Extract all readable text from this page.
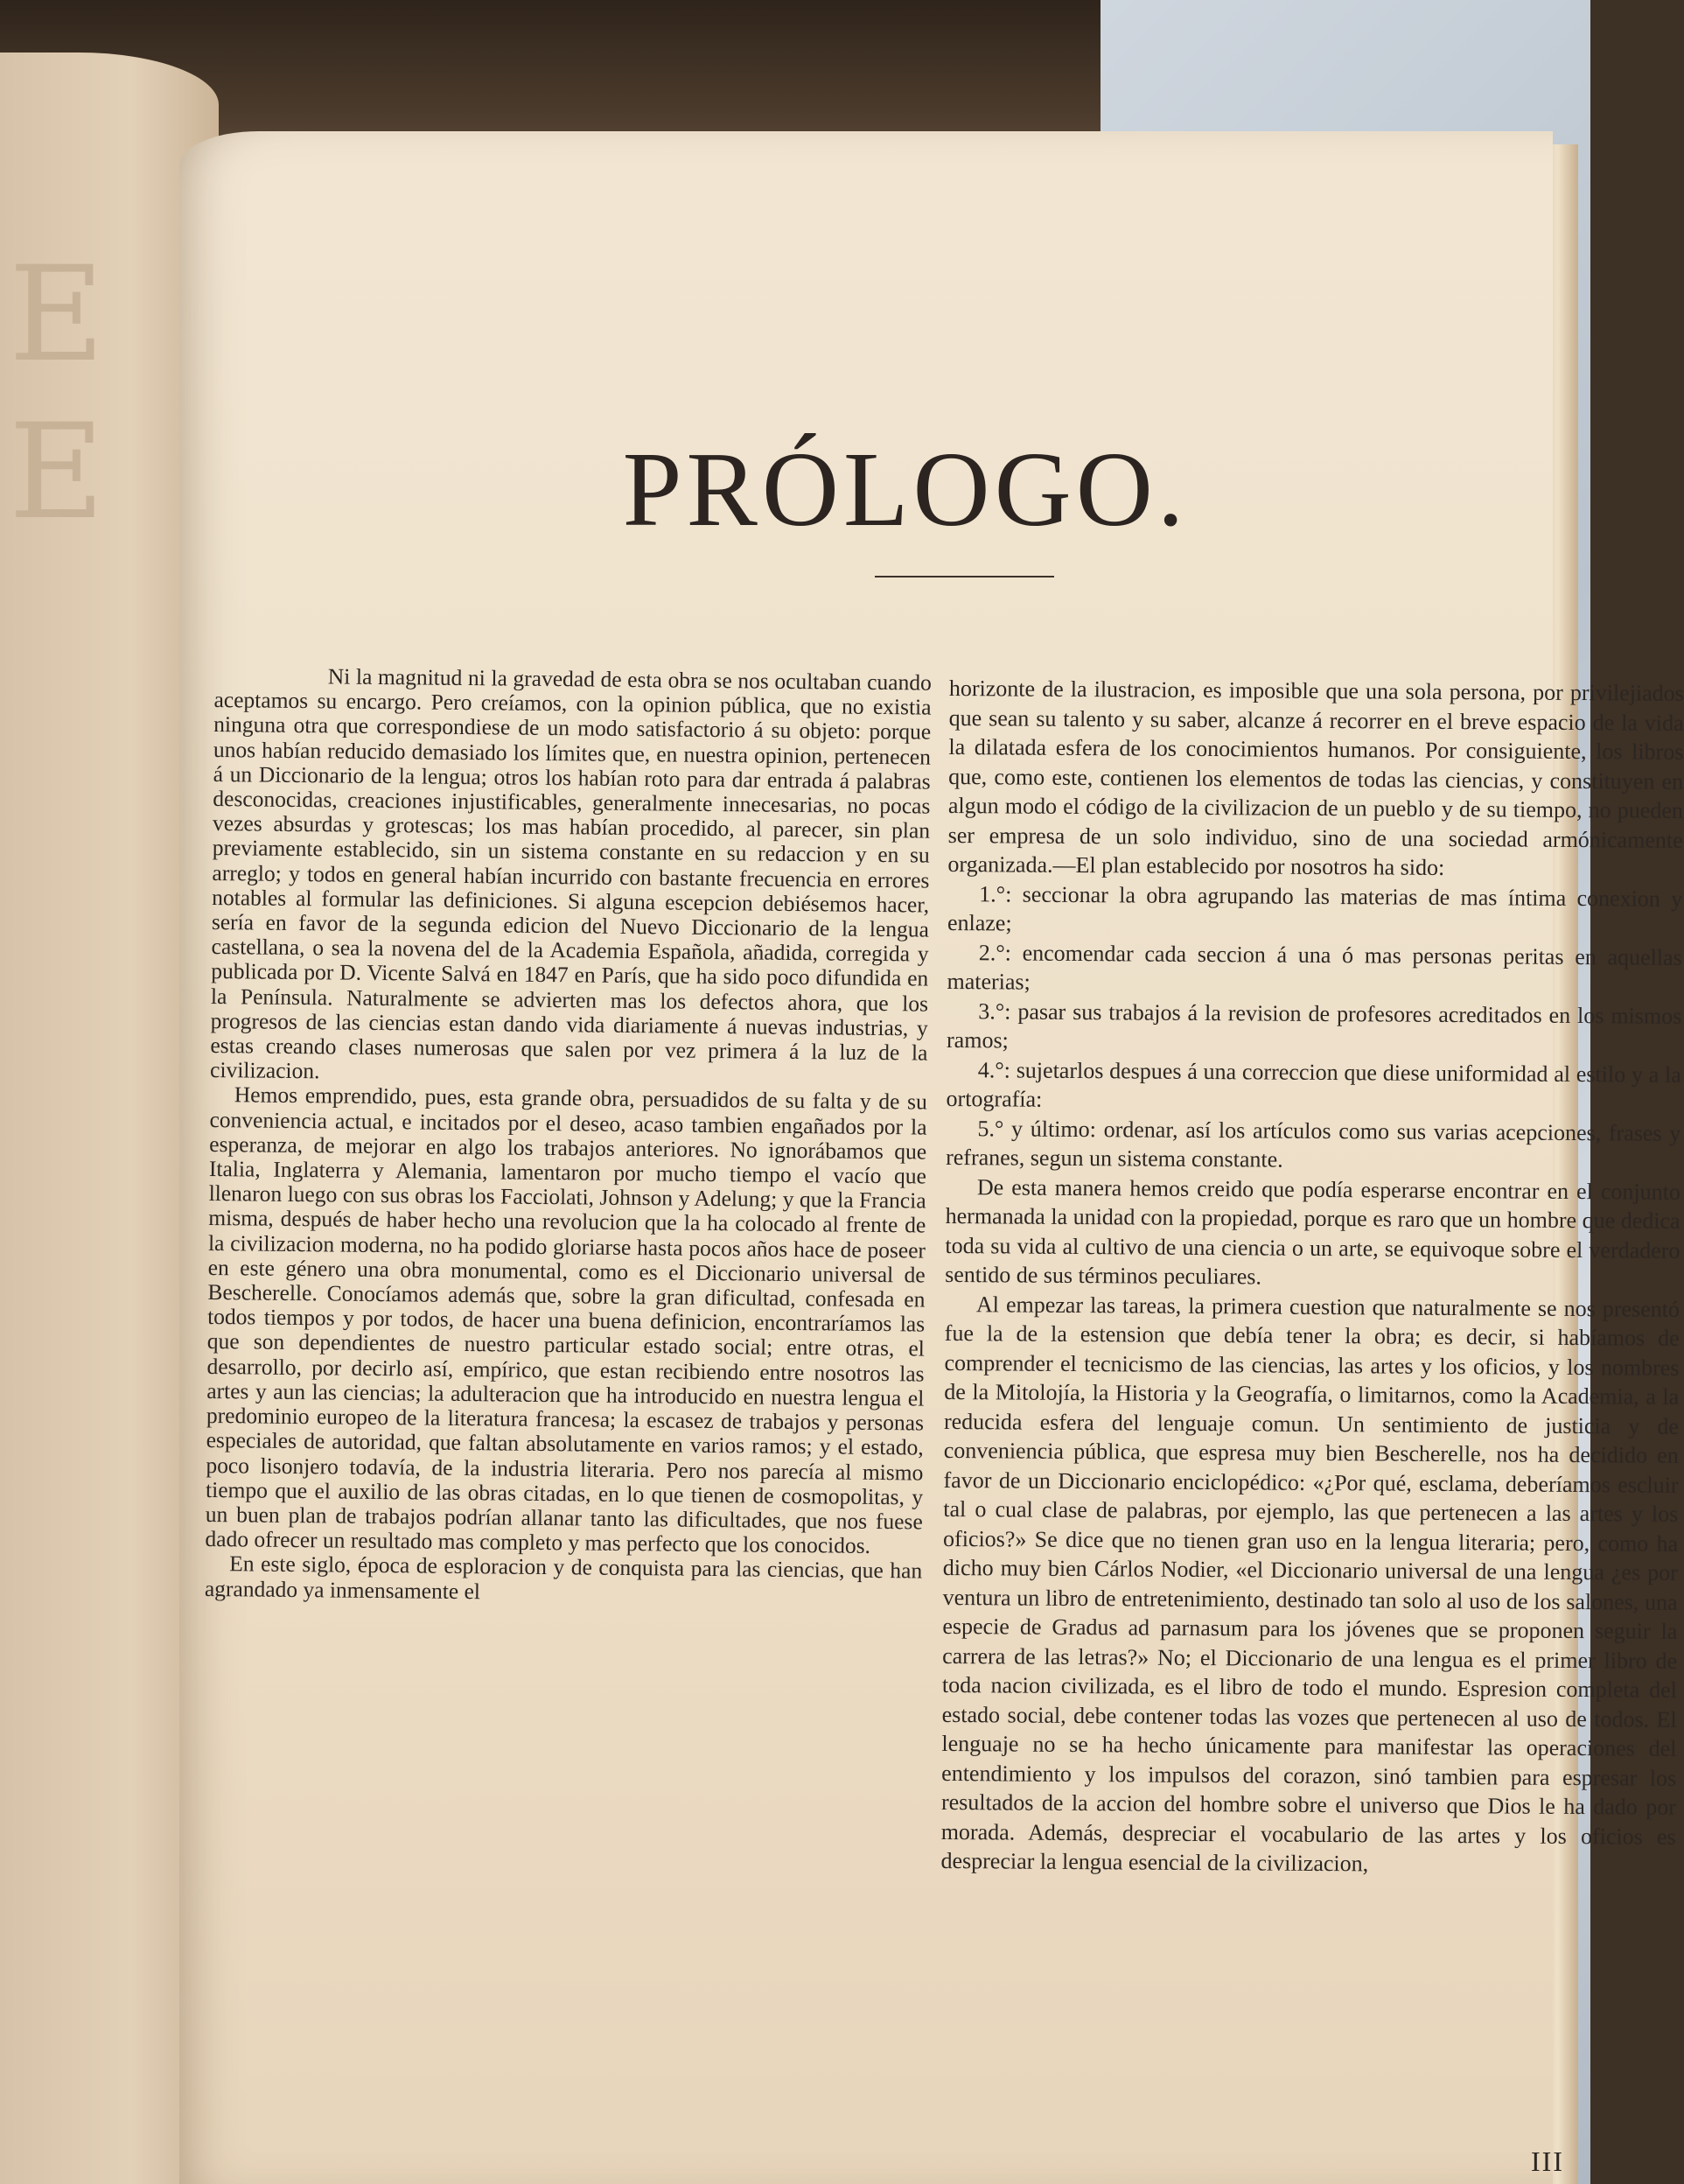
E E	PRÓLOGO.

Ni la magnitud ni la gravedad de esta obra se nos ocultaban cuando aceptamos su encargo. Pero creíamos, con la opinion pública, que no existia ninguna otra que correspondiese de un modo satisfactorio á su objeto: porque unos habían reducido demasiado los límites que, en nuestra opinion, pertenecen á un Diccionario de la lengua; otros los habían roto para dar entrada á palabras desconocidas, creaciones injustificables, generalmente innecesarias, no pocas vezes absurdas y grotescas; los mas habían procedido, al parecer, sin plan previamente establecido, sin un sistema constante en su redaccion y en su arreglo; y todos en general habían incurrido con bastante frecuencia en errores notables al formular las definiciones. Si alguna escepcion debiésemos hacer, sería en favor de la segunda edicion del Nuevo Diccionario de la lengua castellana, o sea la novena del de la Academia Española, añadida, corregida y publicada por D. Vicente Salvá en 1847 en París, que ha sido poco difundida en la Península. Naturalmente se advierten mas los defectos ahora, que los progresos de las ciencias estan dando vida diariamente á nuevas industrias, y estas creando clases numerosas que salen por vez primera á la luz de la civilizacion.

Hemos emprendido, pues, esta grande obra, persuadidos de su falta y de su conveniencia actual, e incitados por el deseo, acaso tambien engañados por la esperanza, de mejorar en algo los trabajos anteriores. No ignorábamos que Italia, Inglaterra y Alemania, lamentaron por mucho tiempo el vacío que llenaron luego con sus obras los Facciolati, Johnson y Adelung; y que la Francia misma, después de haber hecho una revolucion que la ha colocado al frente de la civilizacion moderna, no ha podido gloriarse hasta pocos años hace de poseer en este género una obra monumental, como es el Diccionario universal de Bescherelle. Conocíamos además que, sobre la gran dificultad, confesada en todos tiempos y por todos, de hacer una buena definicion, encontraríamos las que son dependientes de nuestro particular estado social; entre otras, el desarrollo, por decirlo así, empírico, que estan recibiendo entre nosotros las artes y aun las ciencias; la adulteracion que ha introducido en nuestra lengua el predominio europeo de la literatura francesa; la escasez de trabajos y personas especiales de autoridad, que faltan absolutamente en varios ramos; y el estado, poco lisonjero todavía, de la industria literaria. Pero nos parecía al mismo tiempo que el auxilio de las obras citadas, en lo que tienen de cosmopolitas, y un buen plan de trabajos podrían allanar tanto las dificultades, que nos fuese dado ofrecer un resultado mas completo y mas perfecto que los conocidos.

En este siglo, época de esploracion y de conquista para las ciencias, que han agrandado ya inmensamente el

horizonte de la ilustracion, es imposible que una sola persona, por privilejiados que sean su talento y su saber, alcanze á recorrer en el breve espacio de la vida la dilatada esfera de los conocimientos humanos. Por consiguiente, los libros que, como este, contienen los elementos de todas las ciencias, y constituyen en algun modo el código de la civilizacion de un pueblo y de su tiempo, no pueden ser empresa de un solo individuo, sino de una sociedad armónicamente organizada.—El plan establecido por nosotros ha sido:

1.°: seccionar la obra agrupando las materias de mas íntima conexion y enlaze;

2.°: encomendar cada seccion á una ó mas personas peritas en aquellas materias;

3.°: pasar sus trabajos á la revision de profesores acreditados en los mismos ramos;

4.°: sujetarlos despues á una correccion que diese uniformidad al estilo y a la ortografía:

5.° y último: ordenar, así los artículos como sus varias acepciones, frases y refranes, segun un sistema constante.

De esta manera hemos creido que podía esperarse encontrar en el conjunto hermanada la unidad con la propiedad, porque es raro que un hombre que dedica toda su vida al cultivo de una ciencia o un arte, se equivoque sobre el verdadero sentido de sus términos peculiares.

Al empezar las tareas, la primera cuestion que naturalmente se nos presentó fue la de la estension que debía tener la obra; es decir, si habíamos de comprender el tecnicismo de las ciencias, las artes y los oficios, y los nombres de la Mitolojía, la Historia y la Geografía, o limitarnos, como la Academia, a la reducida esfera del lenguaje comun. Un sentimiento de justicia y de conveniencia pública, que espresa muy bien Bescherelle, nos ha decidido en favor de un Diccionario enciclopédico: «¿Por qué, esclama, deberíamos escluir tal o cual clase de palabras, por ejemplo, las que pertenecen a las artes y los oficios?» Se dice que no tienen gran uso en la lengua literaria; pero, como ha dicho muy bien Cárlos Nodier, «el Diccionario universal de una lengua ¿es por ventura un libro de entretenimiento, destinado tan solo al uso de los salones, una especie de Gradus ad parnasum para los jóvenes que se proponen seguir la carrera de las letras?» No; el Diccionario de una lengua es el primer libro de toda nacion civilizada, es el libro de todo el mundo. Espresion completa del estado social, debe contener todas las vozes que pertenecen al uso de todos. El lenguaje no se ha hecho únicamente para manifestar las operaciones del entendimiento y los impulsos del corazon, sinó tambien para espresar los resultados de la accion del hombre sobre el universo que Dios le ha dado por morada. Además, despreciar el vocabulario de las artes y los oficios es despreciar la lengua esencial de la civilizacion,

III
